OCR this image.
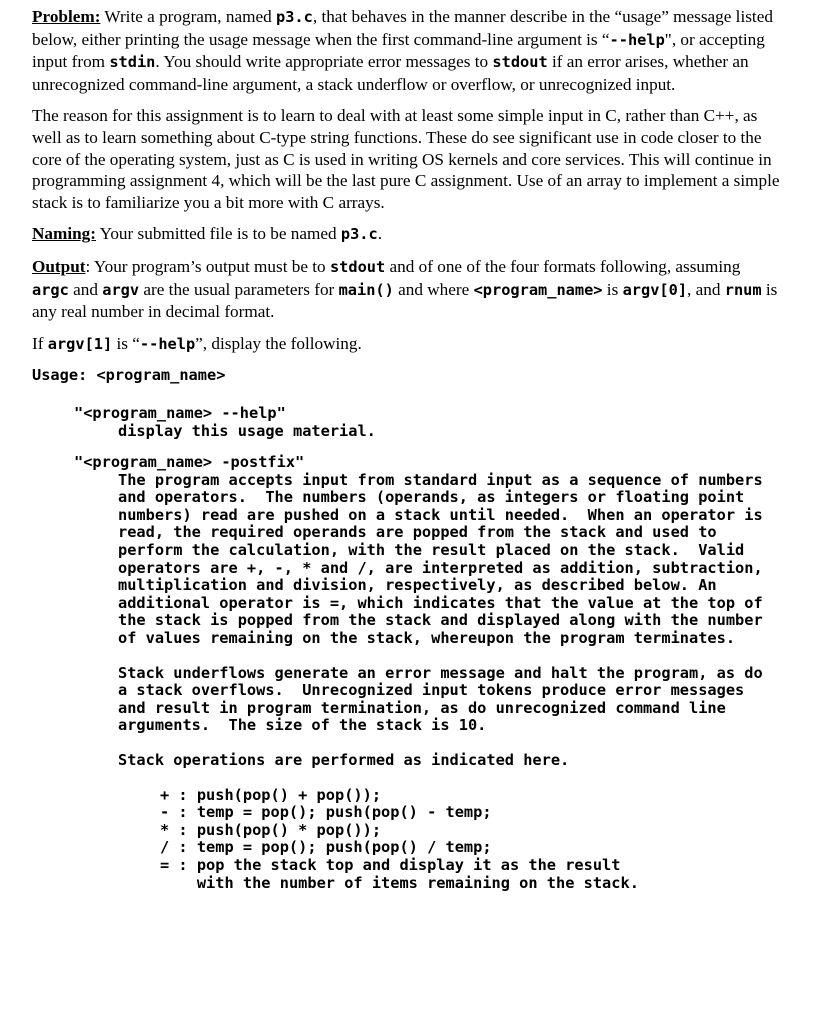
Problem: Write a program, named p3.c, that behaves in the manner describe in the “usage” message listed below, either printing the usage message when the first command-line argument is “--help", or accepting input from stdin. You should write appropriate error messages to stdout if an error arises, whether an unrecognized command-line argument, a stack underflow or overflow, or unrecognized input.

The reason for this assignment is to learn to deal with at least some simple input in C, rather than C++, as well as to learn something about C-type string functions. These do see significant use in code closer to the core of the operating system, just as C is used in writing OS kernels and core services. This will continue in programming assignment 4, which will be the last pure C assignment. Use of an array to implement a simple stack is to familiarize you a bit more with C arrays.

Naming: Your submitted file is to be named p3.c.

Output: Your program’s output must be to stdout and of one of the four formats following, assuming argc and argv are the usual parameters for main() and where <program_name> is argv[0], and rnum is any real number in decimal format.

If argv[1] is “--help”, display the following.

Usage: <program_name>
"<program_name> --help"
display this usage material.
"<program_name> -postfix"
The program accepts input from standard input as a sequence of numbers and operators.  The numbers (operands, as integers or floating point numbers) read are pushed on a stack until needed.  When an operator is read, the required operands are popped from the stack and used to perform the calculation, with the result placed on the stack.  Valid operators are +, -, * and /, are interpreted as addition, subtraction, multiplication and division, respectively, as described below. An additional operator is =, which indicates that the value at the top of the stack is popped from the stack and displayed along with the number of values remaining on the stack, whereupon the program terminates.
Stack underflows generate an error message and halt the program, as do a stack overflows.  Unrecognized input tokens produce error messages and result in program termination, as do unrecognized command line arguments.  The size of the stack is 10.
Stack operations are performed as indicated here.
+ : push(pop() + pop());
- : temp = pop(); push(pop() - temp;
* : push(pop() * pop());
/ : temp = pop(); push(pop() / temp;
= : pop the stack top and display it as the result
with the number of items remaining on the stack.
